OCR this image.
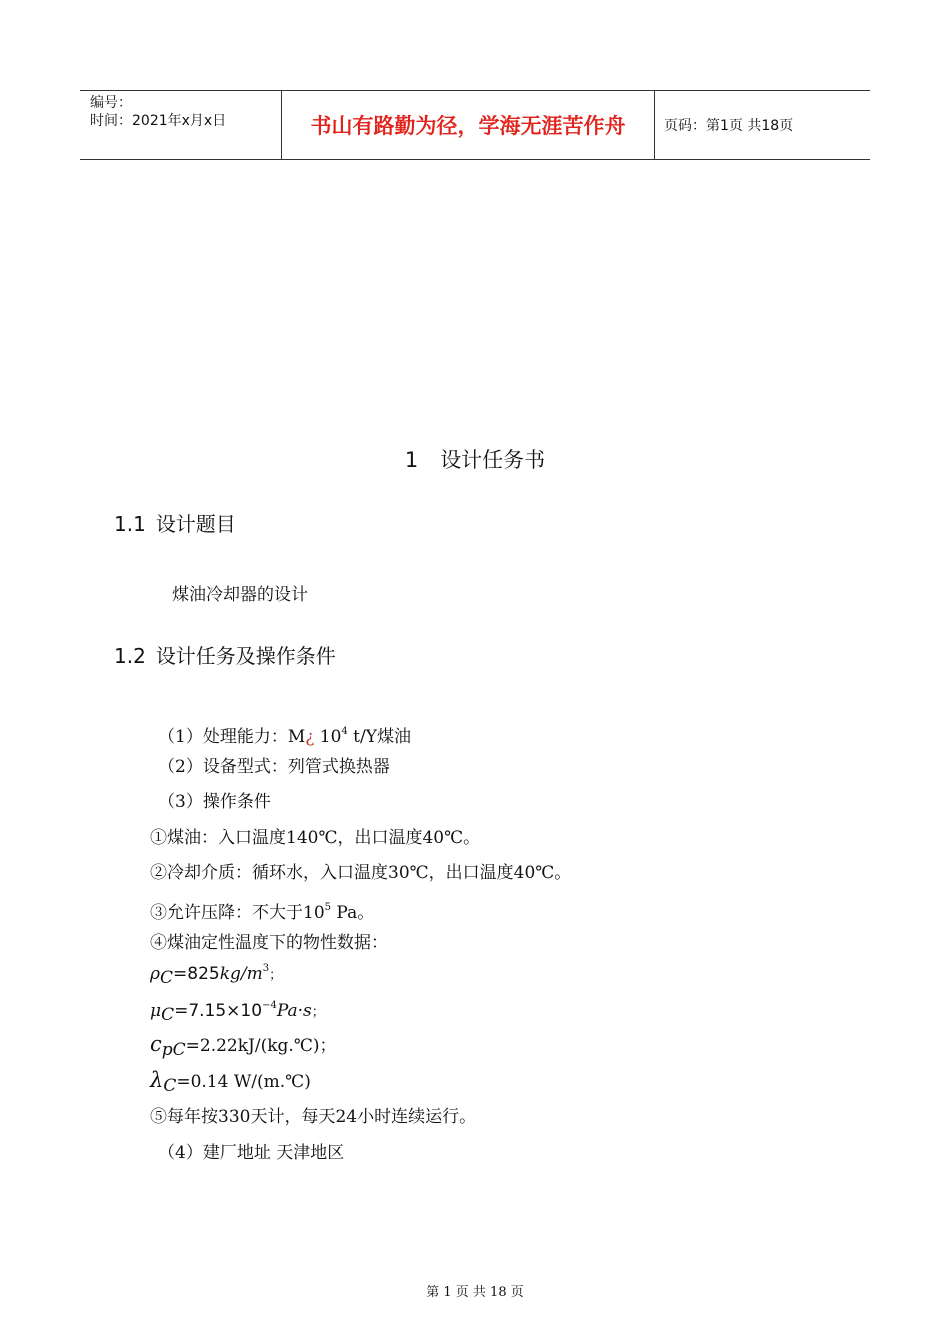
编号：
时间：2021年x月x日	书山有路勤为径，学海无涯苦作舟	页码：第1页 共18页
1 设计任务书
1.1 设计题目
煤油冷却器的设计
1.2 设计任务及操作条件
（1）处理能力：M¿ $10^4$ t/Y煤油
（2）设备型式：列管式换热器
（3）操作条件
①煤油：入口温度140℃，出口温度40℃。
②冷却介质：循环水，入口温度30℃，出口温度40℃。
③允许压降：不大于$10^5$ Pa。
④煤油定性温度下的物性数据：
$\rho_C=825kg/m^3$；
$\mu_C=7.15\times 10^{-4}Pa\cdot s$；
$c_{pC}=2.22kJ/(kg.℃)$；
$\lambda_C=0.14$ W/(m.℃)
⑤每年按330天计，每天24小时连续运行。
（4）建厂地址 天津地区
第 1 页 共 18 页
